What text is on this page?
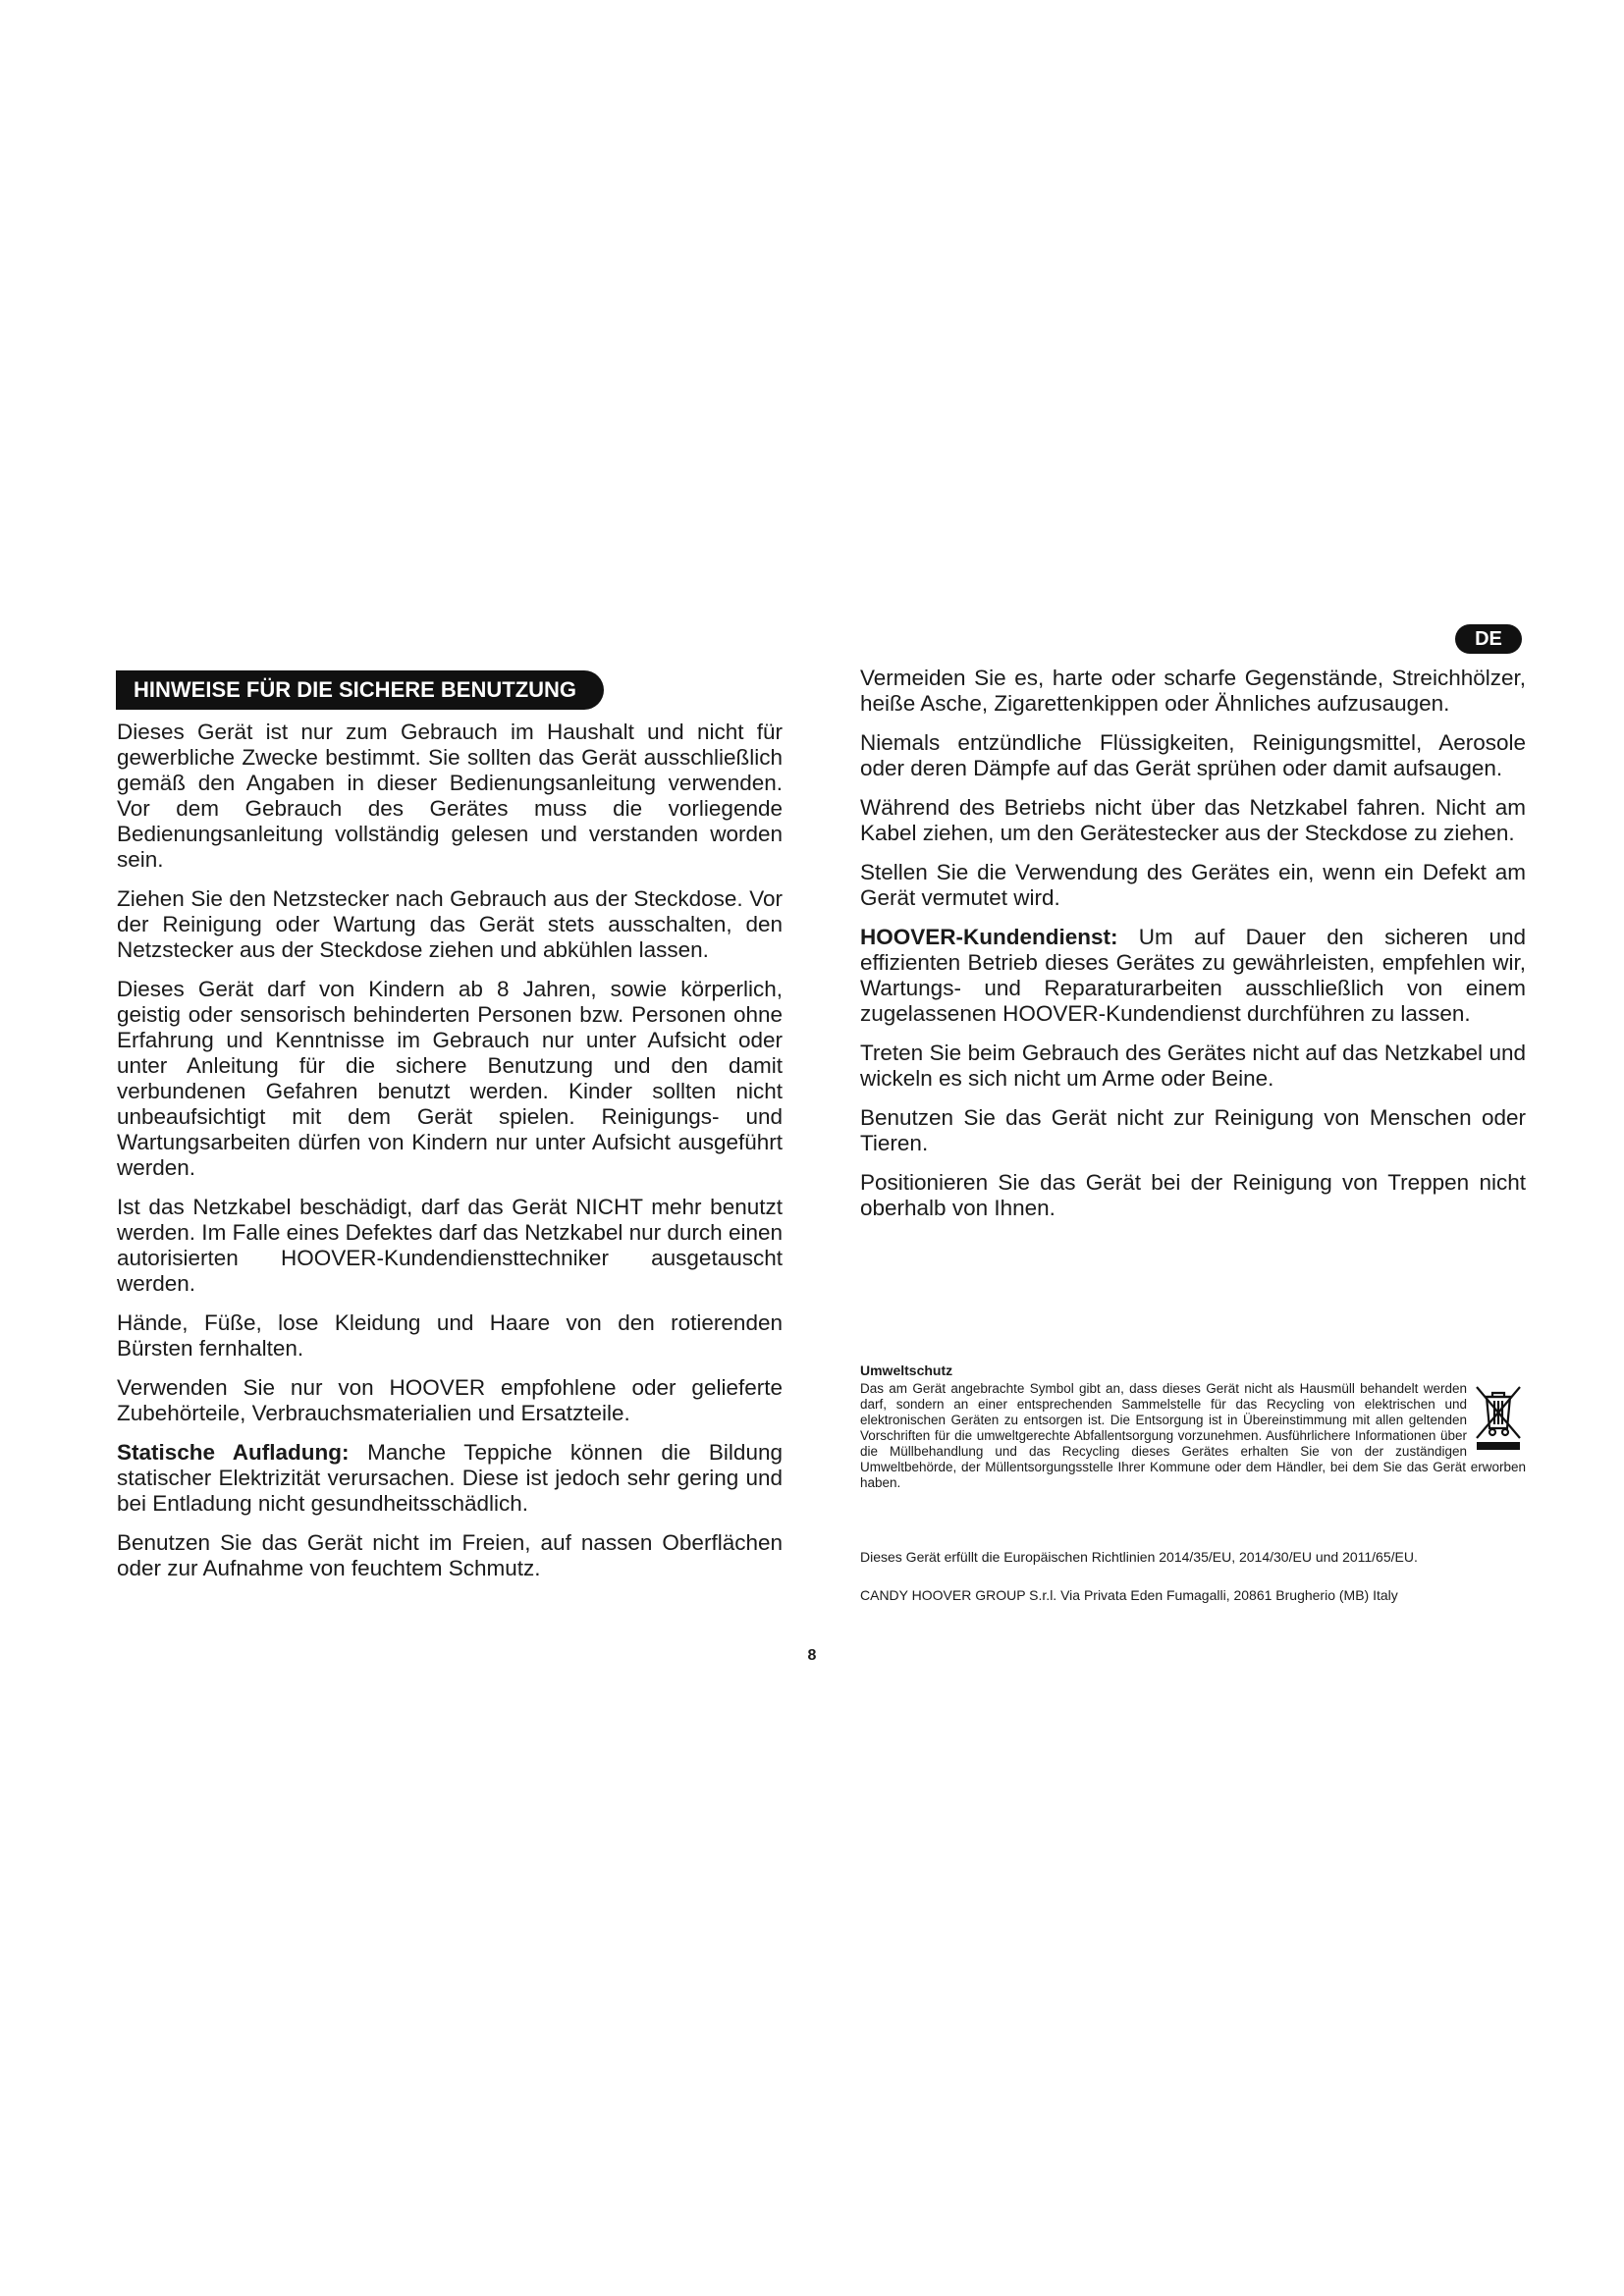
DE
HINWEISE FÜR DIE SICHERE BENUTZUNG

Dieses Gerät ist nur zum Gebrauch im Haushalt und nicht für gewerbliche Zwecke bestimmt. Sie sollten das Gerät ausschließlich gemäß den Angaben in dieser Bedienungsanleitung verwenden. Vor dem Gebrauch des Gerätes muss die vorliegende Bedienungsanleitung vollständig gelesen und verstanden worden sein.

Ziehen Sie den Netzstecker nach Gebrauch aus der Steckdose. Vor der Reinigung oder Wartung das Gerät stets ausschalten, den Netzstecker aus der Steckdose ziehen und abkühlen lassen.

Dieses Gerät darf von Kindern ab 8 Jahren, sowie körperlich, geistig oder sensorisch behinderten Personen bzw. Personen ohne Erfahrung und Kenntnisse im Gebrauch nur unter Aufsicht oder unter Anleitung für die sichere Benutzung und den damit verbundenen Gefahren benutzt werden. Kinder sollten nicht unbeaufsichtigt mit dem Gerät spielen. Reinigungs- und Wartungsarbeiten dürfen von Kindern nur unter Aufsicht ausgeführt werden.

Ist das Netzkabel beschädigt, darf das Gerät NICHT mehr benutzt werden. Im Falle eines Defektes darf das Netzkabel nur durch einen autorisierten HOOVER-Kundendiensttechniker ausgetauscht werden.

Hände, Füße, lose Kleidung und Haare von den rotierenden Bürsten fernhalten.

Verwenden Sie nur von HOOVER empfohlene oder gelieferte Zubehörteile, Verbrauchsmaterialien und Ersatzteile.

Statische Aufladung: Manche Teppiche können die Bildung statischer Elektrizität verursachen. Diese ist jedoch sehr gering und bei Entladung nicht gesundheitsschädlich.

Benutzen Sie das Gerät nicht im Freien, auf nassen Oberflächen oder zur Aufnahme von feuchtem Schmutz.

Vermeiden Sie es, harte oder scharfe Gegenstände, Streichhölzer, heiße Asche, Zigarettenkippen oder Ähnliches aufzusaugen.

Niemals entzündliche Flüssigkeiten, Reinigungsmittel, Aerosole oder deren Dämpfe auf das Gerät sprühen oder damit aufsaugen.

Während des Betriebs nicht über das Netzkabel fahren. Nicht am Kabel ziehen, um den Gerätestecker aus der Steckdose zu ziehen.

Stellen Sie die Verwendung des Gerätes ein, wenn ein Defekt am Gerät vermutet wird.

HOOVER-Kundendienst: Um auf Dauer den sicheren und effizienten Betrieb dieses Gerätes zu gewährleisten, empfehlen wir, Wartungs- und Reparaturarbeiten ausschließlich von einem zugelassenen HOOVER-Kundendienst durchführen zu lassen.

Treten Sie beim Gebrauch des Gerätes nicht auf das Netzkabel und wickeln es sich nicht um Arme oder Beine.

Benutzen Sie das Gerät nicht zur Reinigung von Menschen oder Tieren.

Positionieren Sie das Gerät bei der Reinigung von Treppen nicht oberhalb von Ihnen.

Umweltschutz
Das am Gerät angebrachte Symbol gibt an, dass dieses Gerät nicht als Hausmüll behandelt werden darf, sondern an einer entsprechenden Sammelstelle für das Recycling von elektrischen und elektronischen Geräten zu entsorgen ist. Die Entsorgung ist in Übereinstimmung mit allen geltenden Vorschriften für die umweltgerechte Abfallentsorgung vorzunehmen. Ausführlichere Informationen über die Müllbehandlung und das Recycling dieses Gerätes erhalten Sie von der zuständigen Umweltbehörde, der Müllentsorgungsstelle Ihrer Kommune oder dem Händler, bei dem Sie das Gerät erworben haben.
Dieses Gerät erfüllt die Europäischen Richtlinien 2014/35/EU, 2014/30/EU und 2011/65/EU.
CANDY HOOVER GROUP S.r.l. Via Privata Eden Fumagalli, 20861 Brugherio (MB) Italy
8
